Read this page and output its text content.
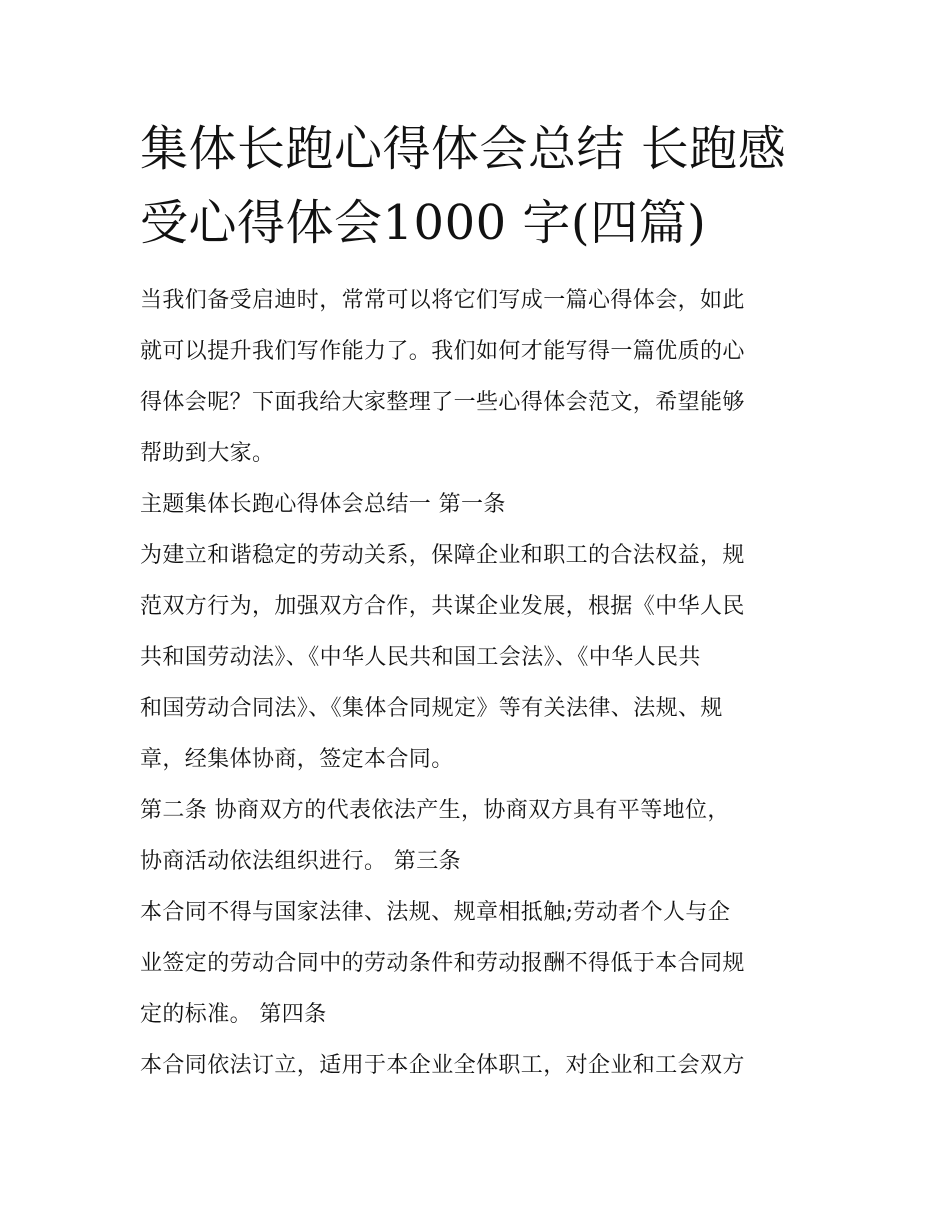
集体长跑心得体会总结 长跑感
受心得体会1000 字(四篇)
当我们备受启迪时，常常可以将它们写成一篇心得体会，如此
就可以提升我们写作能力了。我们如何才能写得一篇优质的心
得体会呢？下面我给大家整理了一些心得体会范文，希望能够
帮助到大家。
主题集体长跑心得体会总结一 第一条
为建立和谐稳定的劳动关系，保障企业和职工的合法权益，规
范双方行为，加强双方合作，共谋企业发展，根据《中华人民
共和国劳动法》、《中华人民共和国工会法》、《中华人民共
和国劳动合同法》、《集体合同规定》等有关法律、法规、规
章，经集体协商，签定本合同。
第二条 协商双方的代表依法产生，协商双方具有平等地位，
协商活动依法组织进行。 第三条
本合同不得与国家法律、法规、规章相抵触;劳动者个人与企
业签定的劳动合同中的劳动条件和劳动报酬不得低于本合同规
定的标准。 第四条
本合同依法订立，适用于本企业全体职工，对企业和工会双方
